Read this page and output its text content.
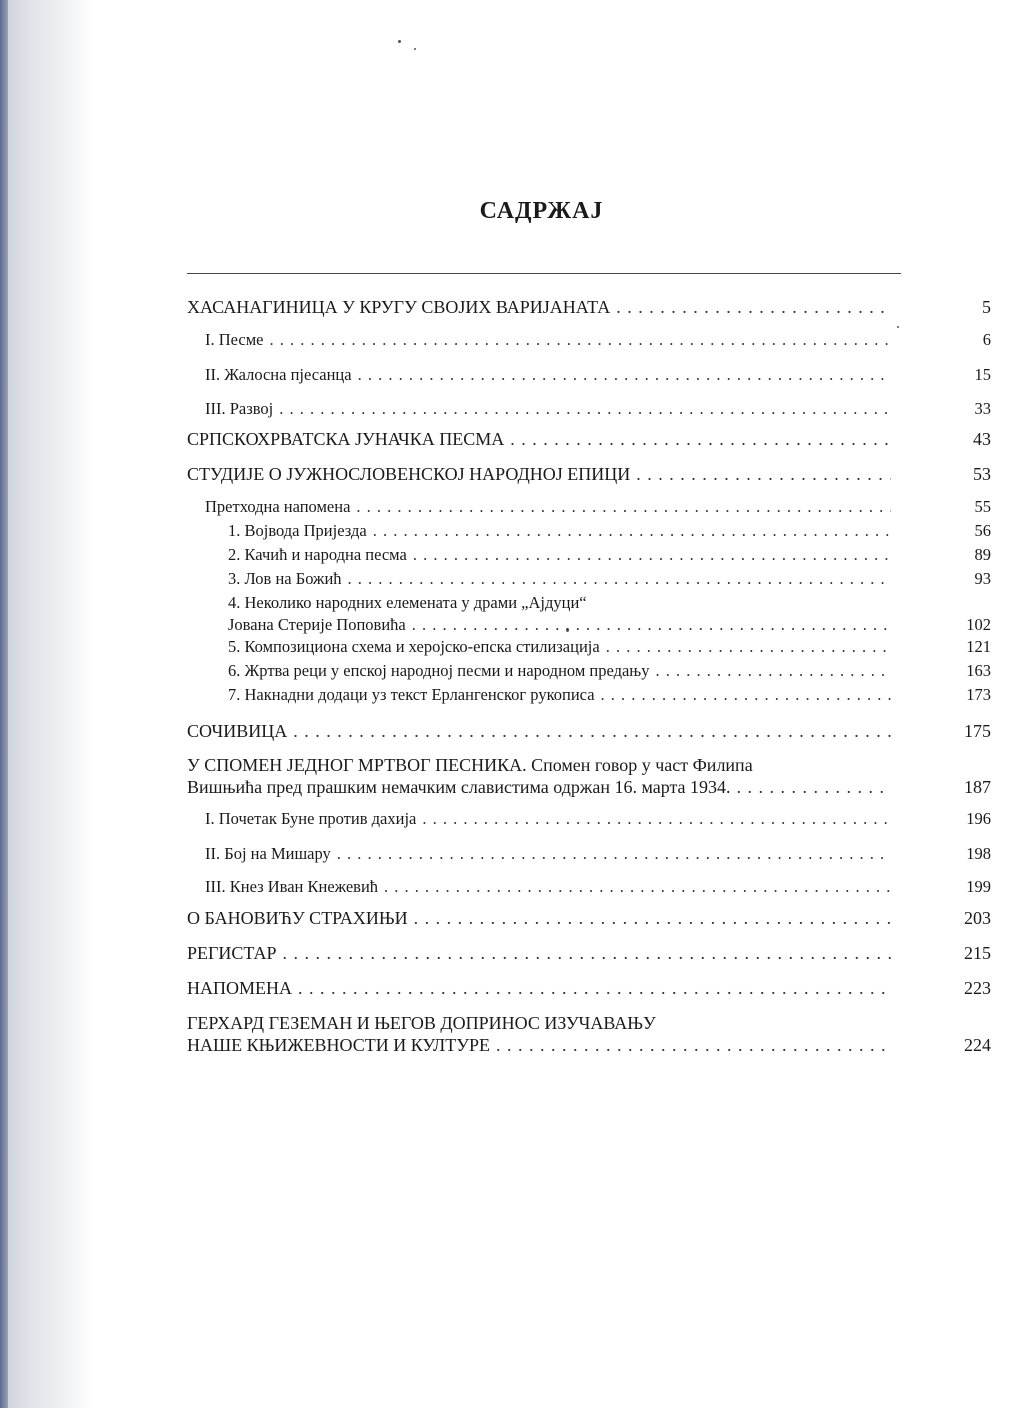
САДРЖАЈ
ХАСАНАГИНИЦА У КРУГУ СВОЈИХ ВАРИЈАНАТА . . .	5
I. Песме . . .	6
II. Жалосна пјесанца . . .	15
III. Развој . . .	33
СРПСКОХРВАТСКА ЈУНАЧКА ПЕСМА . . .	43
СТУДИЈЕ О ЈУЖНОСЛОВЕНСКОЈ НАРОДНОЈ ЕПИЦИ . . .	53
Претходна напомена . . .	55
1. Војвода Пријезда . . .	56
2. Качић и народна песма . . .	89
3. Лов на Божић . . .	93
4. Неколико народних елемената у драми „Ајдуци“
Јована Стерије Поповића . . .	102
5. Композициона схема и херојско-епска стилизација . . .	121
6. Жртва реци у епској народној песми и народном предању . . .	163
7. Накнадни додаци уз текст Ерлангенског рукописа . . .	173
СОЧИВИЦА . . .	175
У СПОМЕН ЈЕДНОГ МРТВОГ ПЕСНИКА. Спомен говор у част Филипа
Вишњића пред прашким немачким славистима одржан 16. марта 1934. . . .	187
I. Почетак Буне против дахија . . .	196
II. Бој на Мишару . . .	198
III. Кнез Иван Кнежевић . . .	199
О БАНОВИЋУ СТРАХИЊИ . . .	203
РЕГИСТАР . . .	215
НАПОМЕНА . . .	223
ГЕРХАРД ГЕЗЕМАН И ЊЕГОВ ДОПРИНОС ИЗУЧАВАЊУ
НАШЕ КЊИЖЕВНОСТИ И КУЛТУРЕ . . .	224
